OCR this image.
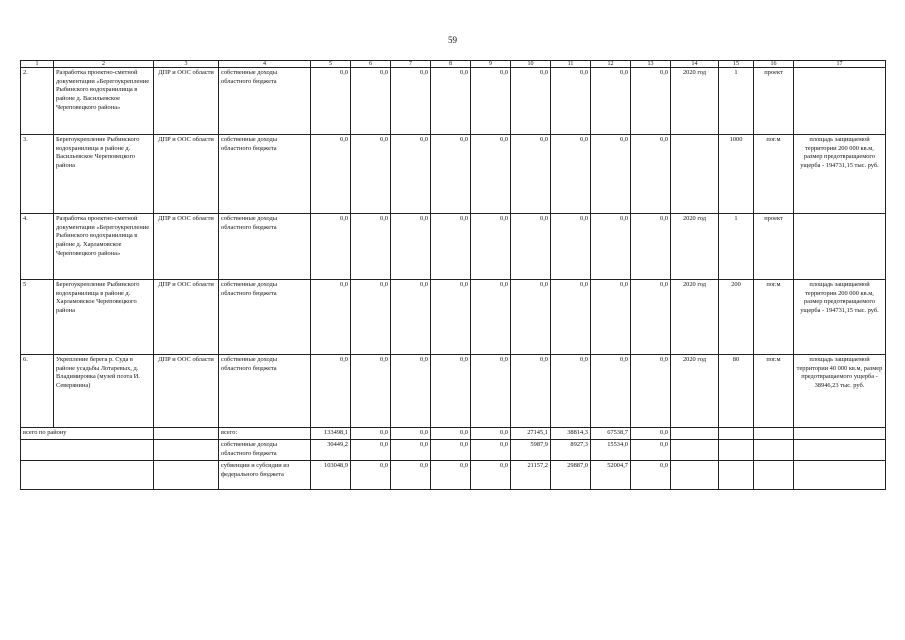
59
1	2	3	4	5	6	7	8	9	10	11	12	13	14	15	16	17
2.	Разработка проектно-сметной документации «Берегоукрепление Рыбинского водохранилища в районе д. Васильевское Череповецкого района»	ДПР и ООС области	собственные доходы областного бюджета	0,0	0,0	0,0	0,0	0,0	0,0	0,0	0,0	0,0	2020 год	1	проект	
3.	Берегоукрепление Рыбинского водохранилища в районе д. Васильевское Череповецкого района	ДПР и ООС области	собственные доходы областного бюджета	0,0	0,0	0,0	0,0	0,0	0,0	0,0	0,0	0,0		1000	пог.м	площадь защищаемой территории 200 000 кв.м, размер предотвращаемого ущерба - 194731,15 тыс. руб.
4.	Разработка проектно-сметной документации «Берегоукрепление Рыбинского водохранилища в районе д. Харламовское Череповецкого района»	ДПР и ООС области	собственные доходы областного бюджета	0,0	0,0	0,0	0,0	0,0	0,0	0,0	0,0	0,0	2020 год	1	проект	
5	Берегоукрепление Рыбинского водохранилища в районе д. Харламовское Череповецкого района	ДПР и ООС области	собственные доходы областного бюджета	0,0	0,0	0,0	0,0	0,0	0,0	0,0	0,0	0,0	2020 год	200	пог.м	площадь защищаемой территории 200 000 кв.м, размер предотвращаемого ущерба - 194731,15 тыс. руб.
6.	Укрепление берега р. Суда в районе усадьбы Лотаревых, д. Владимировка (музей поэта И. Северянина)	ДПР и ООС области	собственные доходы областного бюджета	0,0	0,0	0,0	0,0	0,0	0,0	0,0	0,0	0,0	2020 год	80	пог.м	площадь защищаемой территории 40 000 кв.м, размер предотвращаемого ущерба - 38946,23 тыс. руб.
всего по району			всего:	133498,1	0,0	0,0	0,0	0,0	27145,1	38814,3	67538,7	0,0				
			собственные доходы областного бюджета	30449,2	0,0	0,0	0,0	0,0	5987,9	8927,3	15534,0	0,0				
			субвенции и субсидии из федерального бюджета	103048,9	0,0	0,0	0,0	0,0	21157,2	29887,0	52004,7	0,0				
